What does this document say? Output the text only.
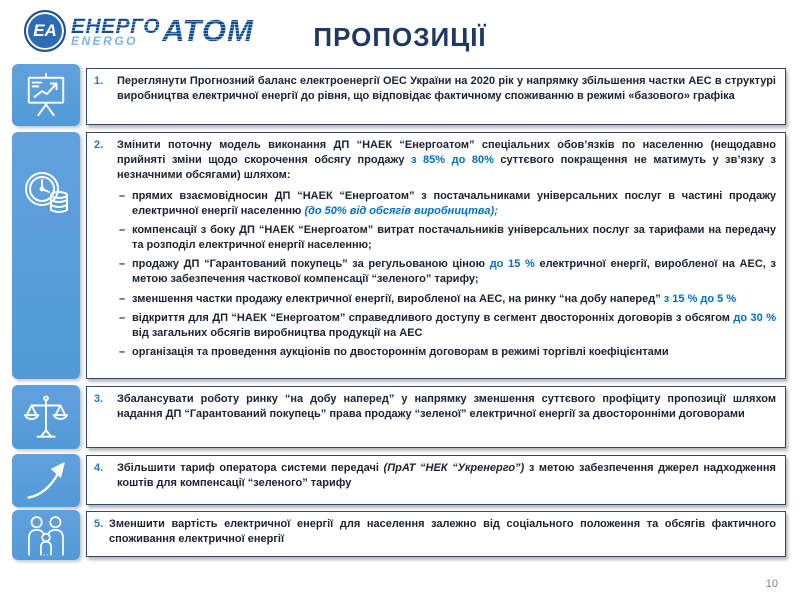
ЕА ЕНЕРГО
ENERGO АТОМ	ПРОПОЗИЦІЇ
1.	Переглянути Прогнозний баланс електроенергії ОЕС України на 2020 рік у напрямку збільшення частки АЕС в структурі виробництва електричної енергії до рівня, що відповідає фактичному споживанню в режимі «базового» графіка
2.	Змінити поточну модель виконання ДП “НАЕК “Енергоатом” спеціальних обов’язків по населенню (нещодавно прийняті зміни щодо скорочення обсягу продажу з 85% до 80% суттєвого покращення не матимуть у зв’язку з незначними обсягами) шляхом:
– прямих взаємовідносин ДП “НАЕК “Енергоатом” з постачальниками універсальних послуг в частині продажу електричної енергії населенню (до 50% від обсягів виробництва);
– компенсації з боку ДП “НАЕК “Енергоатом” витрат постачальників універсальних послуг за тарифами на передачу та розподіл електричної енергії населенню;
– продажу ДП “Гарантований покупець” за регульованою ціною до 15 % електричної енергії, виробленої на АЕС, з метою забезпечення часткової компенсації “зеленого” тарифу;
– зменшення частки продажу електричної енергії, виробленої на АЕС, на ринку “на добу наперед” з 15 % до 5 %
– відкриття для ДП “НАЕК “Енергоатом” справедливого доступу в сегмент двосторонніх договорів з обсягом до 30 % від загальних обсягів виробництва продукції на АЕС
– організація та проведення аукціонів по двостороннім договорам в режимі торгівлі коефіцієнтами
3.	Збалансувати роботу ринку “на добу наперед” у напрямку зменшення суттєвого профіциту пропозиції шляхом надання ДП “Гарантований покупець” права продажу “зеленої” електричної енергії за двосторонніми договорами
4.	Збільшити тариф оператора системи передачі (ПрАТ “НЕК “Укренерго”) з метою забезпечення джерел надходження коштів для компенсації “зеленого” тарифу
5. Зменшити вартість електричної енергії для населення залежно від соціального положення та обсягів фактичного споживання електричної енергії
10
